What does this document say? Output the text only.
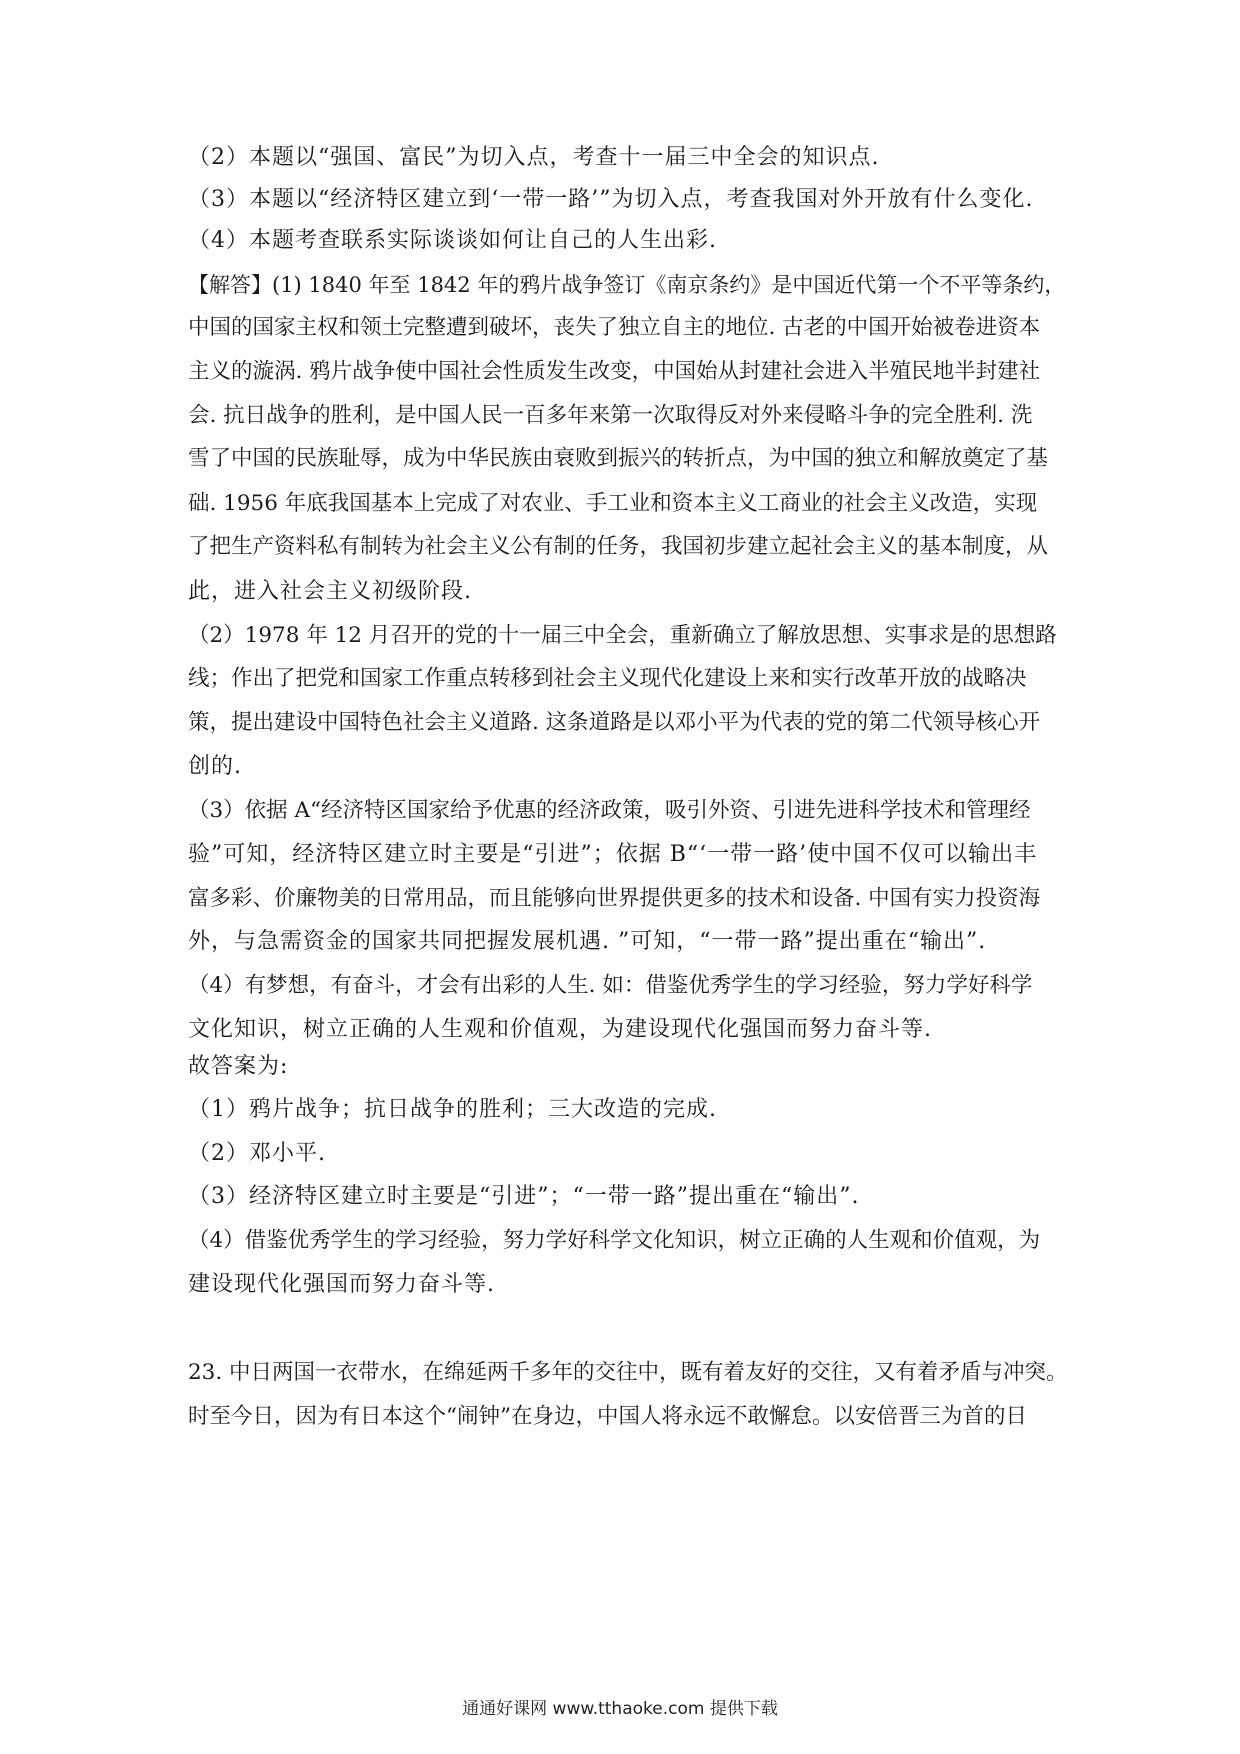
（2）本题以“强国、富民”为切入点，考查十一届三中全会的知识点.
（3）本题以“经济特区建立到‘一带一路’”为切入点，考查我国对外开放有什么变化.
（4）本题考查联系实际谈谈如何让自己的人生出彩.
【解答】(1) 1840 年至 1842 年的鸦片战争签订《南京条约》是中国近代第一个不平等条约，
中国的国家主权和领土完整遭到破坏，丧失了独立自主的地位. 古老的中国开始被卷进资本
主义的漩涡. 鸦片战争使中国社会性质发生改变，中国始从封建社会进入半殖民地半封建社
会. 抗日战争的胜利，是中国人民一百多年来第一次取得反对外来侵略斗争的完全胜利. 洗
雪了中国的民族耻辱，成为中华民族由衰败到振兴的转折点，为中国的独立和解放奠定了基
础. 1956 年底我国基本上完成了对农业、手工业和资本主义工商业的社会主义改造，实现
了把生产资料私有制转为社会主义公有制的任务，我国初步建立起社会主义的基本制度，从
此，进入社会主义初级阶段.
（2）1978 年 12 月召开的党的十一届三中全会，重新确立了解放思想、实事求是的思想路
线；作出了把党和国家工作重点转移到社会主义现代化建设上来和实行改革开放的战略决
策，提出建设中国特色社会主义道路. 这条道路是以邓小平为代表的党的第二代领导核心开
创的.
（3）依据 A“经济特区国家给予优惠的经济政策，吸引外资、引进先进科学技术和管理经
验”可知，经济特区建立时主要是“引进”；依据 B“‘一带一路’使中国不仅可以输出丰
富多彩、价廉物美的日常用品，而且能够向世界提供更多的技术和设备. 中国有实力投资海
外，与急需资金的国家共同把握发展机遇. ”可知，“一带一路”提出重在“输出”.
（4）有梦想，有奋斗，才会有出彩的人生. 如：借鉴优秀学生的学习经验，努力学好科学
文化知识，树立正确的人生观和价值观，为建设现代化强国而努力奋斗等.
故答案为:
（1）鸦片战争；抗日战争的胜利；三大改造的完成.
（2）邓小平.
（3）经济特区建立时主要是“引进”；“一带一路”提出重在“输出”.
（4）借鉴优秀学生的学习经验，努力学好科学文化知识，树立正确的人生观和价值观，为
建设现代化强国而努力奋斗等.
23. 中日两国一衣带水，在绵延两千多年的交往中，既有着友好的交往，又有着矛盾与冲突。
时至今日，因为有日本这个“闹钟”在身边，中国人将永远不敢懈怠。以安倍晋三为首的日
通通好课网 www.tthaoke.com 提供下载
